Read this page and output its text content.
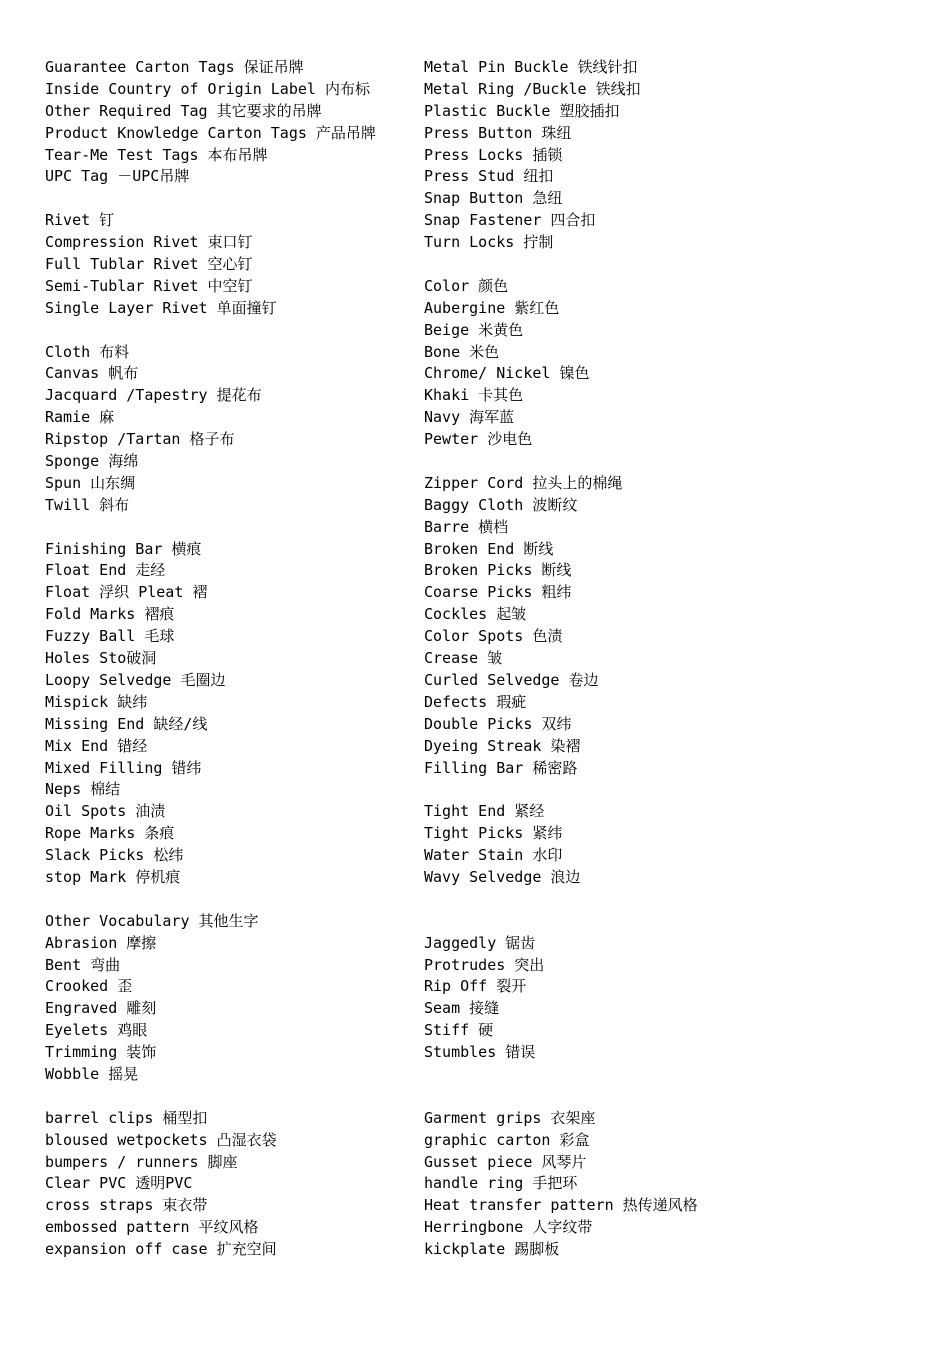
Guarantee Carton Tags 保证吊牌
Inside Country of Origin Label 内布标
Other Required Tag 其它要求的吊牌
Product Knowledge Carton Tags 产品吊牌
Tear-Me Test Tags 本布吊牌
UPC Tag －UPC吊牌
Rivet 钉
Compression Rivet 束口钉
Full Tublar Rivet 空心钉
Semi-Tublar Rivet 中空钉
Single Layer Rivet 单面撞钉
Cloth 布料
Canvas 帆布
Jacquard /Tapestry 提花布
Ramie 麻
Ripstop /Tartan 格子布
Sponge 海绵
Spun 山东绸
Twill 斜布
Finishing Bar 横痕
Float End 走经
Float 浮织 Pleat 褶
Fold Marks 褶痕
Fuzzy Ball 毛球
Holes Sto破洞
Loopy Selvedge 毛圈边
Mispick 缺纬
Missing End 缺经/线
Mix End 错经
Mixed Filling 错纬
Neps 棉结
Oil Spots 油渍
Rope Marks 条痕
Slack Picks 松纬
stop Mark 停机痕
Other Vocabulary 其他生字
Abrasion 摩擦
Bent 弯曲
Crooked 歪
Engraved 雕刻
Eyelets 鸡眼
Trimming 装饰
Wobble 摇晃
barrel clips 桶型扣
bloused wetpockets 凸湿衣袋
bumpers / runners 脚座
Clear PVC 透明PVC
cross straps 束衣带
embossed pattern 平纹风格
expansion off case 扩充空间
Metal Pin Buckle 铁线针扣
Metal Ring /Buckle 铁线扣
Plastic Buckle 塑胶插扣
Press Button 珠纽
Press Locks 插锁
Press Stud 纽扣
Snap Button 急纽
Snap Fastener 四合扣
Turn Locks 拧制
Color 颜色
Aubergine 紫红色
Beige 米黄色
Bone 米色
Chrome/ Nickel 镍色
Khaki 卡其色
Navy 海军蓝
Pewter 沙电色
Zipper Cord 拉头上的棉绳
Baggy Cloth 波断纹
Barre 横档
Broken End 断线
Broken Picks 断线
Coarse Picks 粗纬
Cockles 起皱
Color Spots 色渍
Crease 皱
Curled Selvedge 卷边
Defects 瑕疵
Double Picks 双纬
Dyeing Streak 染褶
Filling Bar 稀密路
Tight End 紧经
Tight Picks 紧纬
Water Stain 水印
Wavy Selvedge 浪边
Jaggedly 锯齿
Protrudes 突出
Rip Off 裂开
Seam 接缝
Stiff 硬
Stumbles 错误
Garment grips 衣架座
graphic carton 彩盒
Gusset piece 风琴片
handle ring 手把环
Heat transfer pattern 热传递风格
Herringbone 人字纹带
kickplate 踢脚板
